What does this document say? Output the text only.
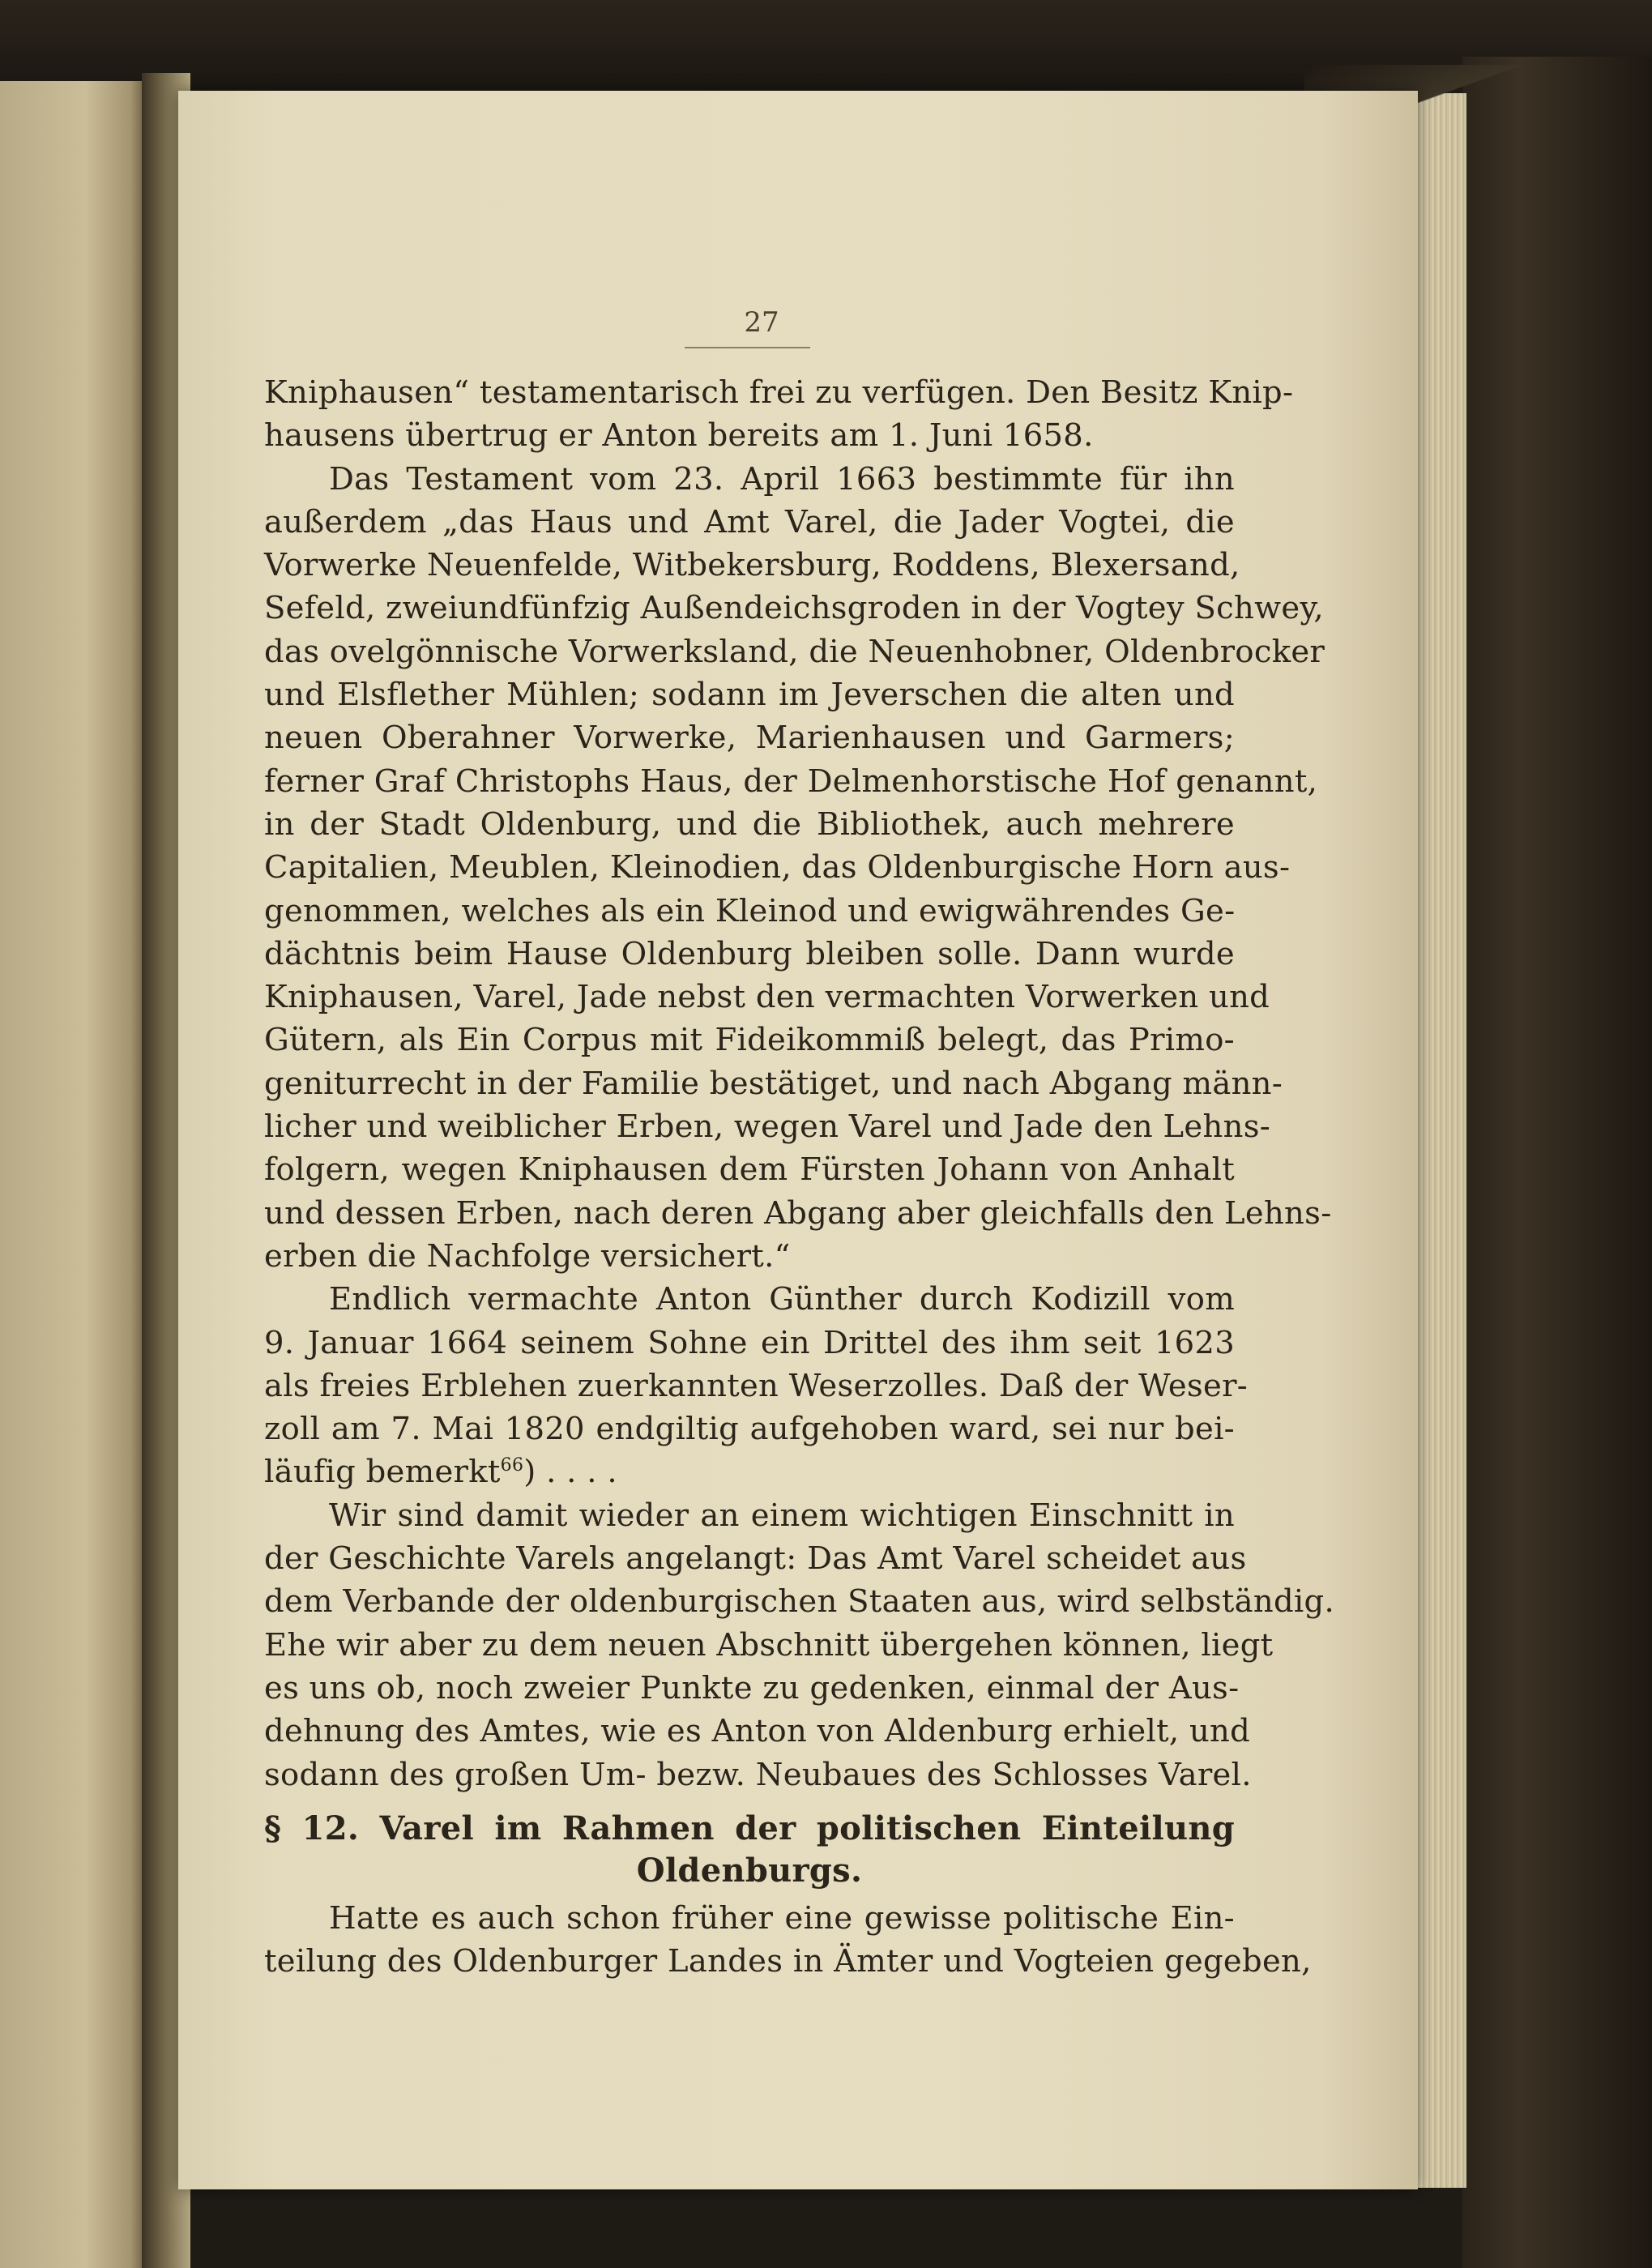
27
Kniphausen“ testamentarisch frei zu verfügen. Den Besitz Knip-
hausens übertrug er Anton bereits am 1. Juni 1658.
Das Testament vom 23. April 1663 bestimmte für ihn
außerdem „das Haus und Amt Varel, die Jader Vogtei, die
Vorwerke Neuenfelde, Witbekersburg, Roddens, Blexersand,
Sefeld, zweiundfünfzig Außendeichsgroden in der Vogtey Schwey,
das ovelgönnische Vorwerksland, die Neuenhobner, Oldenbrocker
und Elsflether Mühlen; sodann im Jeverschen die alten und
neuen Oberahner Vorwerke, Marienhausen und Garmers;
ferner Graf Christophs Haus, der Delmenhorstische Hof genannt,
in der Stadt Oldenburg, und die Bibliothek, auch mehrere
Capitalien, Meublen, Kleinodien, das Oldenburgische Horn aus-
genommen, welches als ein Kleinod und ewigwährendes Ge-
dächtnis beim Hause Oldenburg bleiben solle. Dann wurde
Kniphausen, Varel, Jade nebst den vermachten Vorwerken und
Gütern, als Ein Corpus mit Fideikommiß belegt, das Primo-
geniturrecht in der Familie bestätiget, und nach Abgang männ-
licher und weiblicher Erben, wegen Varel und Jade den Lehns-
folgern, wegen Kniphausen dem Fürsten Johann von Anhalt
und dessen Erben, nach deren Abgang aber gleichfalls den Lehns-
erben die Nachfolge versichert.“
Endlich vermachte Anton Günther durch Kodizill vom
9. Januar 1664 seinem Sohne ein Drittel des ihm seit 1623
als freies Erblehen zuerkannten Weserzolles. Daß der Weser-
zoll am 7. Mai 1820 endgiltig aufgehoben ward, sei nur bei-
läufig bemerkt$^{66}$) . . . .
Wir sind damit wieder an einem wichtigen Einschnitt in
der Geschichte Varels angelangt: Das Amt Varel scheidet aus
dem Verbande der oldenburgischen Staaten aus, wird selbständig.
Ehe wir aber zu dem neuen Abschnitt übergehen können, liegt
es uns ob, noch zweier Punkte zu gedenken, einmal der Aus-
dehnung des Amtes, wie es Anton von Aldenburg erhielt, und
sodann des großen Um- bezw. Neubaues des Schlosses Varel.
§ 12. Varel im Rahmen der politischen Einteilung
Oldenburgs.
Hatte es auch schon früher eine gewisse politische Ein-
teilung des Oldenburger Landes in Ämter und Vogteien gegeben,
